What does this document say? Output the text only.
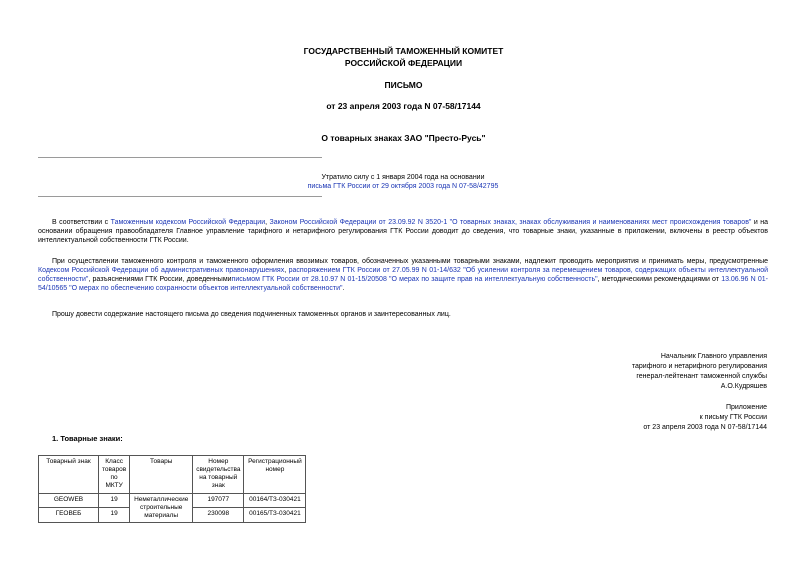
ГОСУДАРСТВЕННЫЙ ТАМОЖЕННЫЙ КОМИТЕТ
РОССИЙСКОЙ ФЕДЕРАЦИИ
ПИСЬМО
от 23 апреля 2003 года N 07-58/17144
О товарных знаках ЗАО "Престо-Русь"
Утратило силу с 1 января 2004 года на основании
письма ГТК России от 29 октября 2003 года N 07-58/42795
В соответствии с Таможенным кодексом Российской Федерации, Законом Российской Федерации от 23.09.92 N 3520-1 "О товарных знаках, знаках обслуживания и наименованиях мест происхождения товаров" и на основании обращения правообладателя Главное управление тарифного и нетарифного регулирования ГТК России доводит до сведения, что товарные знаки, указанные в приложении, включены в реестр объектов интеллектуальной собственности ГТК России.
При осуществлении таможенного контроля и таможенного оформления ввозимых товаров, обозначенных указанными товарными знаками, надлежит проводить мероприятия и принимать меры, предусмотренные Кодексом Российской Федерации об административных правонарушениях, распоряжением ГТК России от 27.05.99 N 01-14/632 "Об усилении контроля за перемещением товаров, содержащих объекты интеллектуальной собственности", разъяснениями ГТК России, доведеннымиписьмом ГТК России от 28.10.97 N 01-15/20508 "О мерах по защите прав на интеллектуальную собственность", методическими рекомендациями от 13.06.96 N 01-54/10565 "О мерах по обеспечению сохранности объектов интеллектуальной собственности".
Прошу довести содержание настоящего письма до сведения подчиненных таможенных органов и заинтересованных лиц.
Начальник Главного управления
тарифного и нетарифного регулирования
генерал-лейтенант таможенной службы
А.О.Кудряшев
Приложение
к письму ГТК России
от 23 апреля 2003 года N 07-58/17144
1. Товарные знаки:
Товарный знак	Класс товаров по МКТУ	Товары	Номер свидетельства на товарный знак	Регистрационный номер
GEOWEB	19	Неметаллические строительные материалы	197077	00164/ТЗ-030421
ГЕОВЕБ	19		230098	00165/ТЗ-030421
